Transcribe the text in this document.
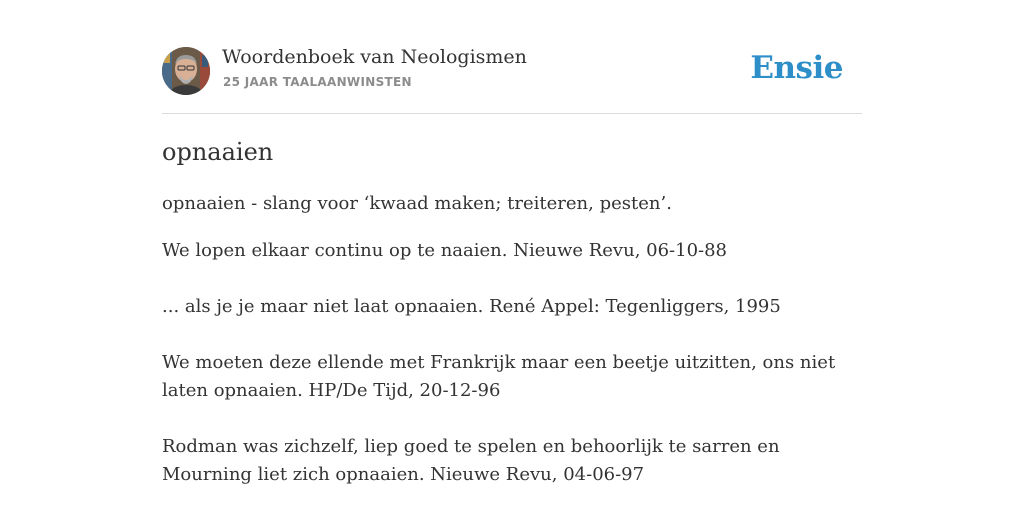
Woordenboek van Neologismen
25 JAAR TAALAANWINSTEN	Ensie
opnaaien

opnaaien - slang voor ‘kwaad maken; treiteren, pesten’.

We lopen elkaar continu op te naaien. Nieuwe Revu, 06-10-88

... als je je maar niet laat opnaaien. René Appel: Tegenliggers, 1995

We moeten deze ellende met Frankrijk maar een beetje uitzitten, ons niet laten opnaaien. HP/De Tijd, 20-12-96

Rodman was zichzelf, liep goed te spelen en behoorlijk te sarren en Mourning liet zich opnaaien. Nieuwe Revu, 04-06-97
